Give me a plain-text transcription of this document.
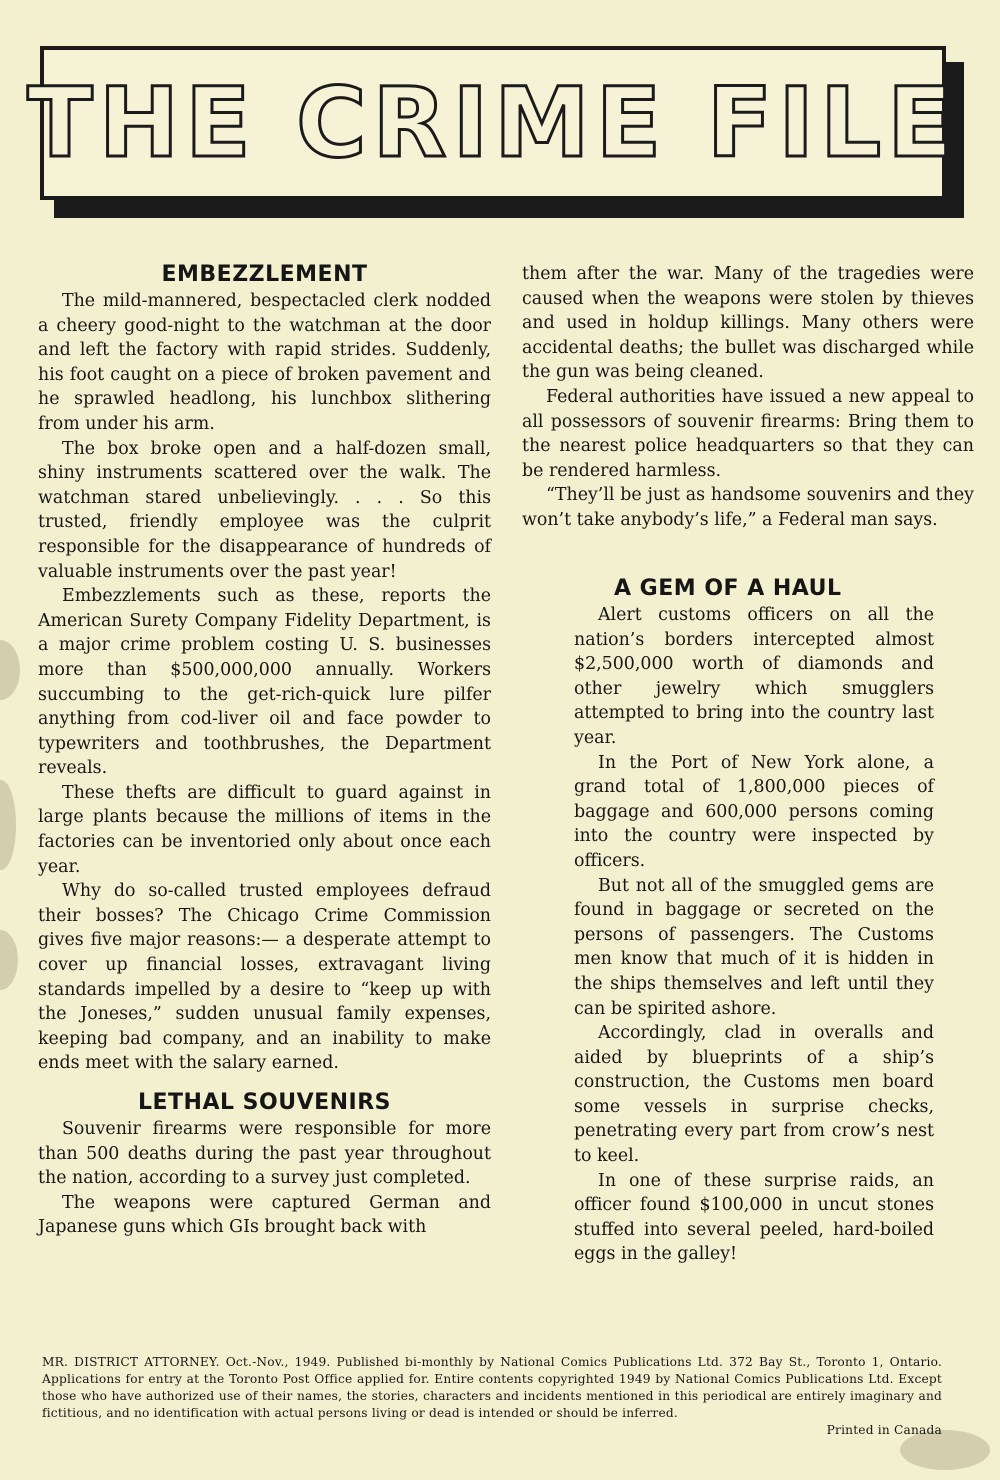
THE CRIME FILE
EMBEZZLEMENT

The mild-mannered, bespectacled clerk nodded a cheery good-night to the watchman at the door and left the factory with rapid strides. Suddenly, his foot caught on a piece of broken pavement and he sprawled headlong, his lunchbox slithering from under his arm.

The box broke open and a half-dozen small, shiny instruments scattered over the walk. The watchman stared unbelievingly. . . . So this trusted, friendly employee was the culprit responsible for the disappearance of hundreds of valuable instruments over the past year!

Embezzlements such as these, reports the American Surety Company Fidelity Department, is a major crime problem costing U. S. businesses more than $500,000,000 annually. Workers succumbing to the get-rich-quick lure pilfer anything from cod-liver oil and face powder to typewriters and toothbrushes, the Department reveals.

These thefts are difficult to guard against in large plants because the millions of items in the factories can be inventoried only about once each year.

Why do so-called trusted employees defraud their bosses? The Chicago Crime Commission gives five major reasons:— a desperate attempt to cover up financial losses, extravagant living standards impelled by a desire to “keep up with the Joneses,” sudden unusual family expenses, keeping bad company, and an inability to make ends meet with the salary earned.

LETHAL SOUVENIRS

Souvenir firearms were responsible for more than 500 deaths during the past year throughout the nation, according to a survey just completed.

The weapons were captured German and Japanese guns which GIs brought back with

them after the war. Many of the tragedies were caused when the weapons were stolen by thieves and used in holdup killings. Many others were accidental deaths; the bullet was discharged while the gun was being cleaned.

Federal authorities have issued a new appeal to all possessors of souvenir firearms: Bring them to the nearest police headquarters so that they can be rendered harmless.

“They’ll be just as handsome souvenirs and they won’t take anybody’s life,” a Federal man says.

A GEM OF A HAUL

Alert customs officers on all the nation’s borders intercepted almost $2,500,000 worth of diamonds and other jewelry which smugglers attempted to bring into the country last year.

In the Port of New York alone, a grand total of 1,800,000 pieces of baggage and 600,000 persons coming into the country were inspected by officers.

But not all of the smuggled gems are found in baggage or secreted on the persons of passengers. The Customs men know that much of it is hidden in the ships themselves and left until they can be spirited ashore.

Accordingly, clad in overalls and aided by blueprints of a ship’s construction, the Customs men board some vessels in surprise checks, penetrating every part from crow’s nest to keel.

In one of these surprise raids, an officer found $100,000 in uncut stones stuffed into several peeled, hard-boiled eggs in the galley!

MR. DISTRICT ATTORNEY. Oct.-Nov., 1949. Published bi-monthly by National Comics Publications Ltd. 372 Bay St., Toronto 1, Ontario. Applications for entry at the Toronto Post Office applied for. Entire contents copyrighted 1949 by National Comics Publications Ltd. Except those who have authorized use of their names, the stories, characters and incidents mentioned in this periodical are entirely imaginary and fictitious, and no identification with actual persons living or dead is intended or should be inferred.
Printed in Canada
